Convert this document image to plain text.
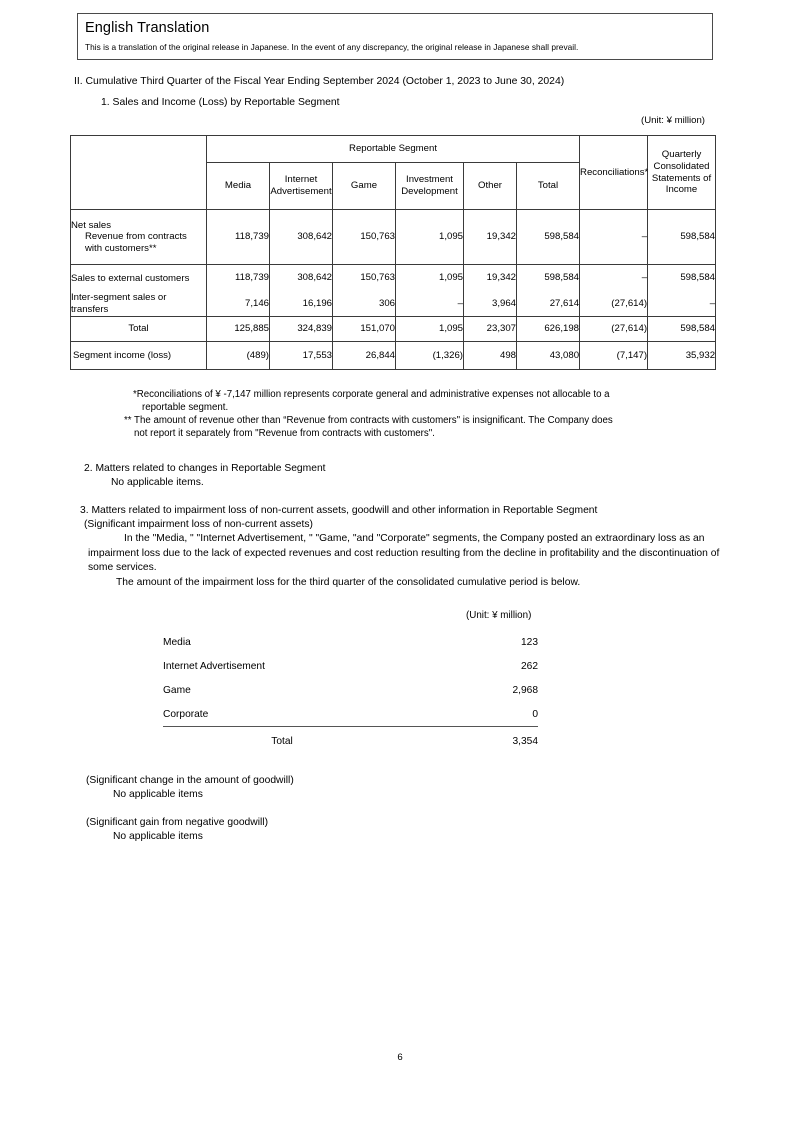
English Translation
This is a translation of the original release in Japanese. In the event of any discrepancy, the original release in Japanese shall prevail.
II. Cumulative Third Quarter of the Fiscal Year Ending September 2024 (October 1, 2023 to June 30, 2024)
1. Sales and Income (Loss) by Reportable Segment
(Unit: ¥ million)
	Reportable Segment						Reconciliations*	Quarterly Consolidated Statements of Income
	Media	Internet Advertisement	Game	Investment Development	Other	Total		

Net sales
Revenue from contracts with customers**	118,739	308,642	150,763	1,095	19,342	598,584	–	598,584
Sales to external customers	118,739	308,642	150,763	1,095	19,342	598,584	–	598,584
Inter-segment sales or transfers	7,146	16,196	306	–	3,964	27,614	(27,614)	–
Total	125,885	324,839	151,070	1,095	23,307	626,198	(27,614)	598,584
Segment income (loss)	(489)	17,553	26,844	(1,326)	498	43,080	(7,147)	35,932
*Reconciliations of ¥ -7,147 million represents corporate general and administrative expenses not allocable to a
reportable segment.
** The amount of revenue other than “Revenue from contracts with customers" is insignificant. The Company does
not report it separately from "Revenue from contracts with customers".
2. Matters related to changes in Reportable Segment
No applicable items.
3. Matters related to impairment loss of non-current assets, goodwill and other information in Reportable Segment
(Significant impairment loss of non-current assets)
In the "Media, " "Internet Advertisement, " "Game, "and "Corporate" segments, the Company posted an extraordinary loss as an impairment loss due to the lack of expected revenues and cost reduction resulting from the decline in profitability and the discontinuation of some services.
The amount of the impairment loss for the third quarter of the consolidated cumulative period is below.
(Unit: ¥ million)
Media	123
Internet Advertisement	262
Game	2,968
Corporate	0
Total	3,354
(Significant change in the amount of goodwill)
No applicable items
(Significant gain from negative goodwill)
No applicable items
6
